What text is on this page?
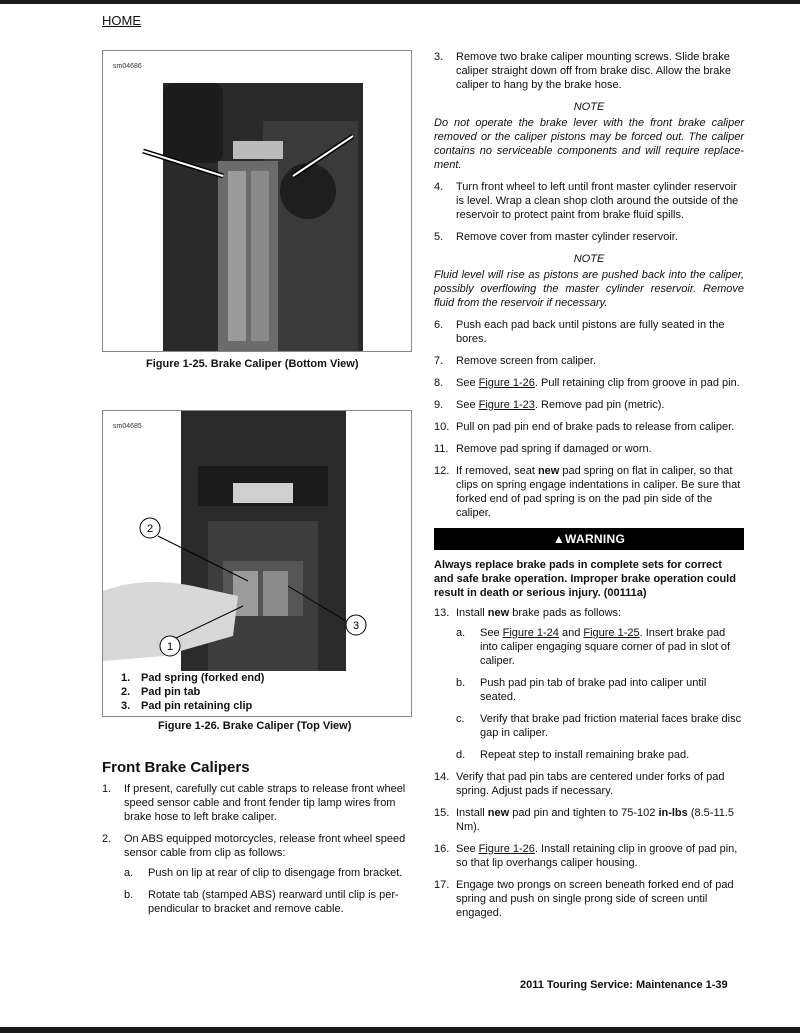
HOME
sm04686
Figure 1-25. Brake Caliper (Bottom View)
sm04685
2
1
3
1. Pad spring (forked end)
2. Pad pin tab
3. Pad pin retaining clip
Figure 1-26. Brake Caliper (Top View)
Front Brake Calipers
1. If present, carefully cut cable straps to release front wheel speed sensor cable and front fender tip lamp wires from brake hose to left brake caliper.
2. On ABS equipped motorcycles, release front wheel speed sensor cable from clip as follows:
a. Push on lip at rear of clip to disengage from bracket.
b. Rotate tab (stamped ABS) rearward until clip is per-pendicular to bracket and remove cable.
3. Remove two brake caliper mounting screws. Slide brake caliper straight down off from brake disc. Allow the brake caliper to hang by the brake hose.
NOTE
Do not operate the brake lever with the front brake caliper removed or the caliper pistons may be forced out. The caliper contains no serviceable components and will require replace-ment.
4. Turn front wheel to left until front master cylinder reservoir is level. Wrap a clean shop cloth around the outside of the reservoir to protect paint from brake fluid spills.
5. Remove cover from master cylinder reservoir.
NOTE
Fluid level will rise as pistons are pushed back into the caliper, possibly overflowing the master cylinder reservoir. Remove fluid from the reservoir if necessary.
6. Push each pad back until pistons are fully seated in the bores.
7. Remove screen from caliper.
8. See Figure 1-26. Pull retaining clip from groove in pad pin.
9. See Figure 1-23. Remove pad pin (metric).
10. Pull on pad pin end of brake pads to release from caliper.
11. Remove pad spring if damaged or worn.
12. If removed, seat new pad spring on flat in caliper, so that clips on spring engage indentations in caliper. Be sure that forked end of pad spring is on the pad pin side of the caliper.
▲WARNING
Always replace brake pads in complete sets for correct and safe brake operation. Improper brake operation could result in death or serious injury. (00111a)
13. Install new brake pads as follows:
a. See Figure 1-24 and Figure 1-25. Insert brake pad into caliper engaging square corner of pad in slot of caliper.
b. Push pad pin tab of brake pad into caliper until seated.
c. Verify that brake pad friction material faces brake disc gap in caliper.
d. Repeat step to install remaining brake pad.
14. Verify that pad pin tabs are centered under forks of pad spring. Adjust pads if necessary.
15. Install new pad pin and tighten to 75-102 in-lbs (8.5-11.5 Nm).
16. See Figure 1-26. Install retaining clip in groove of pad pin, so that lip overhangs caliper housing.
17. Engage two prongs on screen beneath forked end of pad spring and push on single prong side of screen until engaged.
2011 Touring Service: Maintenance 1-39
